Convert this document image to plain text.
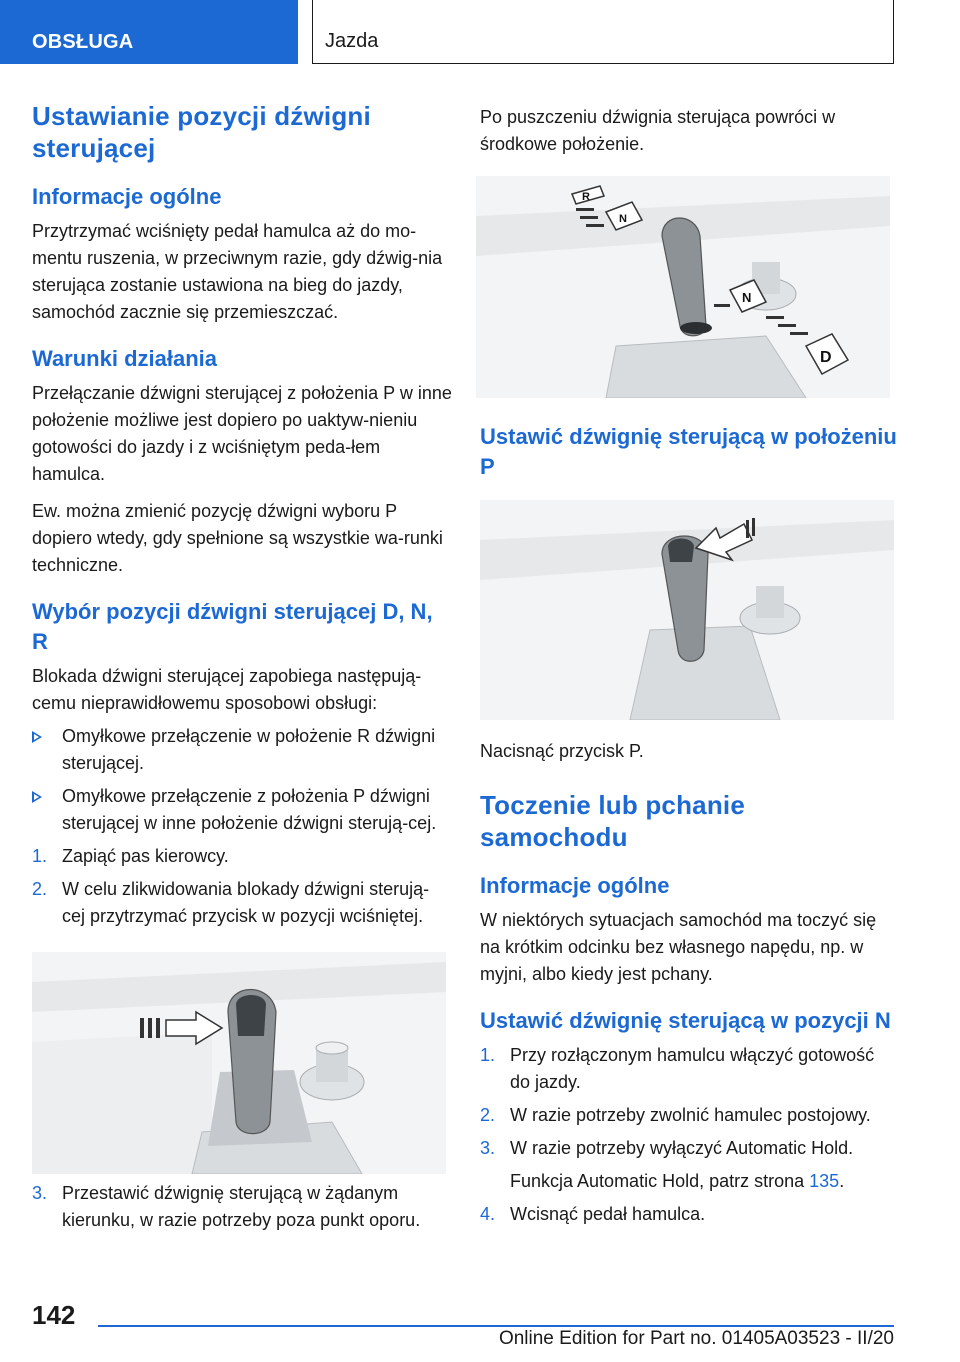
OBSŁUGA	Jazda
Ustawianie pozycji dźwigni sterującej
Informacje ogólne

Przytrzymać wciśnięty pedał hamulca aż do mo-mentu ruszenia, w przeciwnym razie, gdy dźwig-nia sterująca zostanie ustawiona na bieg do jazdy, samochód zacznie się przemieszczać.

Warunki działania

Przełączanie dźwigni sterującej z położenia P w inne położenie możliwe jest dopiero po uaktyw-nieniu gotowości do jazdy i z wciśniętym peda-łem hamulca.

Ew. można zmienić pozycję dźwigni wyboru P dopiero wtedy, gdy spełnione są wszystkie wa-runki techniczne.

Wybór pozycji dźwigni sterującej D, N, R

Blokada dźwigni sterującej zapobiega następują-cemu nieprawidłowemu sposobowi obsługi:

Omyłkowe przełączenie w położenie R dźwigni sterującej.
Omyłkowe przełączenie z położenia P dźwigni sterującej w inne położenie dźwigni sterują-cej.
1. Zapiąć pas kierowcy.
2. W celu zlikwidowania blokady dźwigni sterują-cej przytrzymać przycisk w pozycji wciśniętej.
3. Przestawić dźwignię sterującą w żądanym kierunku, w razie potrzeby poza punkt oporu.

Po puszczeniu dźwignia sterująca powróci w środkowe położenie.

R
N
N
D
Ustawić dźwignię sterującą w położeniu P

Nacisnąć przycisk P.

Toczenie lub pchanie samochodu
Informacje ogólne

W niektórych sytuacjach samochód ma toczyć się na krótkim odcinku bez własnego napędu, np. w myjni, albo kiedy jest pchany.

Ustawić dźwignię sterującą w pozycji N
1. Przy rozłączonym hamulcu włączyć gotowość do jazdy.
2. W razie potrzeby zwolnić hamulec postojowy.
3. W razie potrzeby wyłączyć Automatic Hold.

Funkcja Automatic Hold, patrz strona 135.

4. Wcisnąć pedał hamulca.
142
Online Edition for Part no. 01405A03523 - II/20
